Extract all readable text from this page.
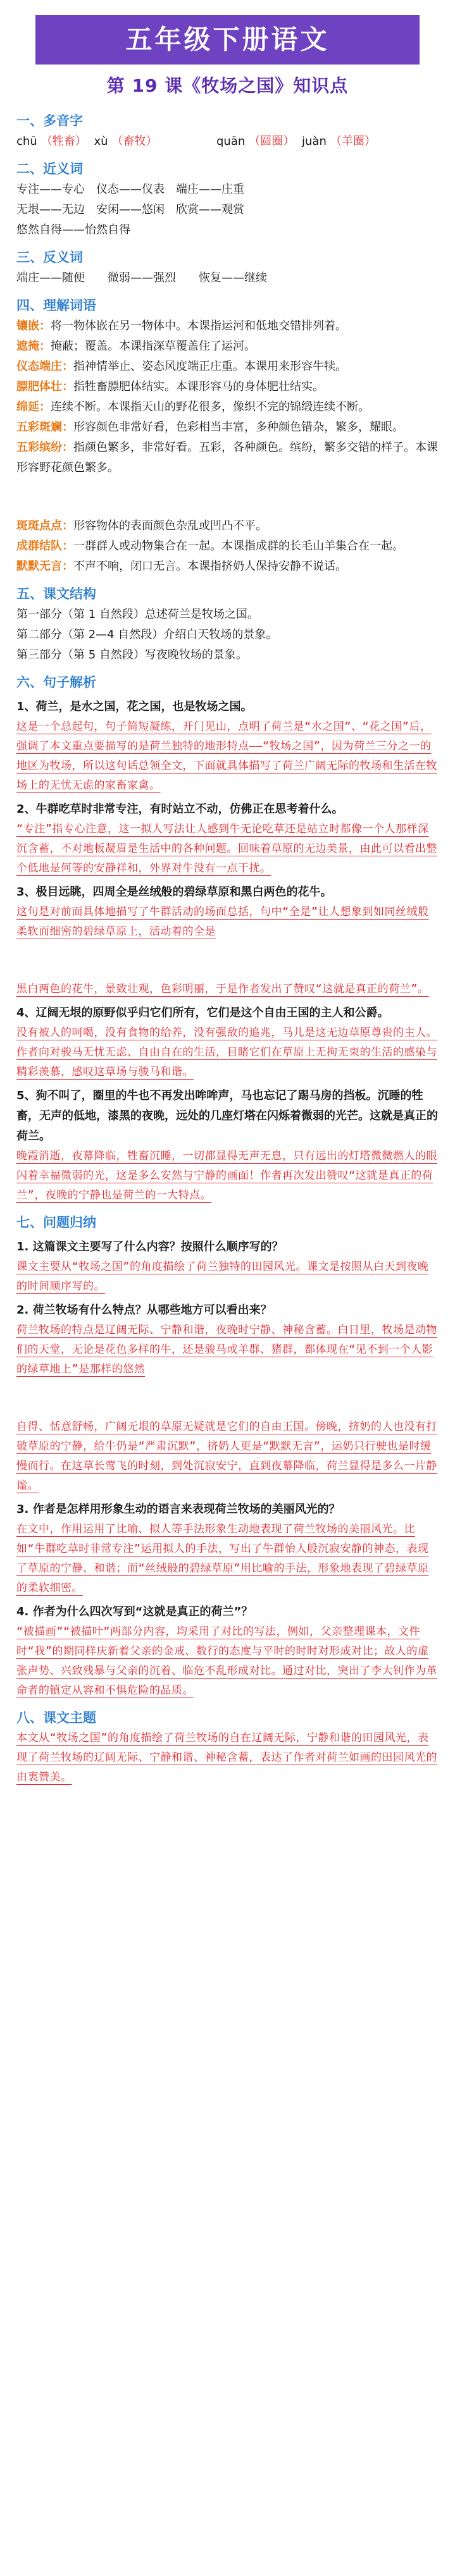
五年级下册语文
第 19 课《牧场之国》知识点
一、多音字
chū （牲畜） xù （畜牧）	quān （圆圈） juàn （羊圈）
二、近义词
专注——专心　仪态——仪表　端庄——庄重
无垠——无边　安闲——悠闲　欣赏——观赏
悠然自得——怡然自得
三、反义词
端庄——随便　　微弱——强烈　　恢复——继续
四、理解词语
镶嵌：将一物体嵌在另一物体中。本课指运河和低地交错排列着。
遮掩：掩蔽；覆盖。本课指深草覆盖住了运河。
仪态端庄：指神情举止、姿态风度端正庄重。本课用来形容牛犊。
膘肥体壮：指牲畜膘肥体结实。本课形容马的身体肥壮结实。
绵延：连续不断。本课指天山的野花很多，像织不完的锦缎连续不断。
五彩斑斓：形容颜色非常好看，色彩相当丰富，多种颜色错杂，繁多，耀眼。
五彩缤纷：指颜色繁多，非常好看。五彩，各种颜色。缤纷，繁多交错的样子。本课形容野花颜色繁多。
斑斑点点：形容物体的表面颜色杂乱或凹凸不平。
成群结队：一群群人或动物集合在一起。本课指成群的长毛山羊集合在一起。
默默无言：不声不响，闭口无言。本课指挤奶人保持安静不说话。
五、课文结构
第一部分（第 1 自然段）总述荷兰是牧场之国。
第二部分（第 2—4 自然段）介绍白天牧场的景象。
第三部分（第 5 自然段）写夜晚牧场的景象。
六、句子解析
1、荷兰，是水之国，花之国，也是牧场之国。
这是一个总起句，句子简短凝练，开门见山，点明了荷兰是“水之国”、“花之国”后，强调了本文重点要描写的是荷兰独特的地形特点——“牧场之国”，因为荷兰三分之一的地区为牧场，所以这句话总领全文，下面就具体描写了荷兰广阔无际的牧场和生活在牧场上的无忧无虑的家畜家禽。
2、牛群吃草时非常专注，有时站立不动，仿佛正在思考着什么。
“专注”指专心注意，这一拟人写法让人感到牛无论吃草还是站立时都像一个人那样深沉含蓄，不对地板凝眉是生活中的各种问题。回味着草原的无边美景，由此可以看出整个低地是何等的安静祥和，外界对牛没有一点干扰。
3、极目远眺，四周全是丝绒般的碧绿草原和黑白两色的花牛。
这句是对前面具体地描写了牛群活动的场面总括，句中“全是”让人想象到如同丝绒般柔软而细密的碧绿草原上，活动着的全是
黑白两色的花牛，景致壮观，色彩明丽，于是作者发出了赞叹“这就是真正的荷兰”。
4、辽阔无垠的原野似乎归它们所有，它们是这个自由王国的主人和公爵。
没有被人的呵喝，没有食物的给养，没有强敌的追兆，马儿是这无边草原尊贵的主人。作者向对骏马无忧无虑、自由自在的生活，目睹它们在草原上无拘无束的生活的感染与精彩羡慕，感叹这草场与骏马和谐。
5、狗不叫了，圈里的牛也不再发出哞哞声，马也忘记了踢马房的挡板。沉睡的牲畜，无声的低地，漆黑的夜晚，远处的几座灯塔在闪烁着微弱的光芒。这就是真正的荷兰。
晚霞消逝，夜幕降临，牲畜沉睡，一切都显得无声无息，只有远出的灯塔微微燃人的眼闪着幸福微弱的光，这是多么安然与宁静的画面！作者再次发出赞叹“这就是真正的荷兰”，夜晚的宁静也是荷兰的一大特点。
七、问题归纳
1. 这篇课文主要写了什么内容？按照什么顺序写的？
课文主要从“牧场之国”的角度描绘了荷兰独特的田园风光。课文是按照从白天到夜晚的时间顺序写的。
2. 荷兰牧场有什么特点？从哪些地方可以看出来？
荷兰牧场的特点是辽阔无际、宁静和谐，夜晚时宁静、神秘含蓄。白日里，牧场是动物们的天堂，无论是花色多样的牛，还是骏马或羊群、猪群，都体现在“见不到一个人影的绿草地上”是那样的悠然
自得、恬意舒畅，广阔无垠的草原无疑就是它们的自由王国。傍晚，挤奶的人也没有打破草原的宁静，给牛仍是“严肃沉默”，挤奶人更是“默默无言”，运奶只行驶也是时缓慢而行。在这草长莺飞的时刻，到处沉寂安宁，直到夜幕降临，荷兰显得是多么一片静谧。
3. 作者是怎样用形象生动的语言来表现荷兰牧场的美丽风光的？
在文中，作用运用了比喻、拟人等手法形象生动地表现了荷兰牧场的美丽风光。比如“牛群吃草时非常专注”运用拟人的手法，写出了牛群怡人般沉寂安静的神态，表现了草原的宁静、和谐；而“丝绒般的碧绿草原”用比喻的手法，形象地表现了碧绿草原的柔软细密。
4. 作者为什么四次写到“这就是真正的荷兰”？
“被描画”“被描叶”两部分内容，均采用了对比的写法，例如，父亲整理课本，文件时“我”的期同样庆新着父亲的金戒、数行的态度与平时的时时对形成对比；故人的虚张声势、兴致残暴与父亲的沉着、临危不乱形成对比。通过对比，突出了李大钊作为革命者的镇定从容和不惧危险的品质。
八、课文主题
本文从“牧场之国”的角度描绘了荷兰牧场的自在辽阔无际，宁静和谐的田园风光，表现了荷兰牧场的辽阔无际、宁静和谐、神秘含蓄，表达了作者对荷兰如画的田园风光的由衷赞美。
